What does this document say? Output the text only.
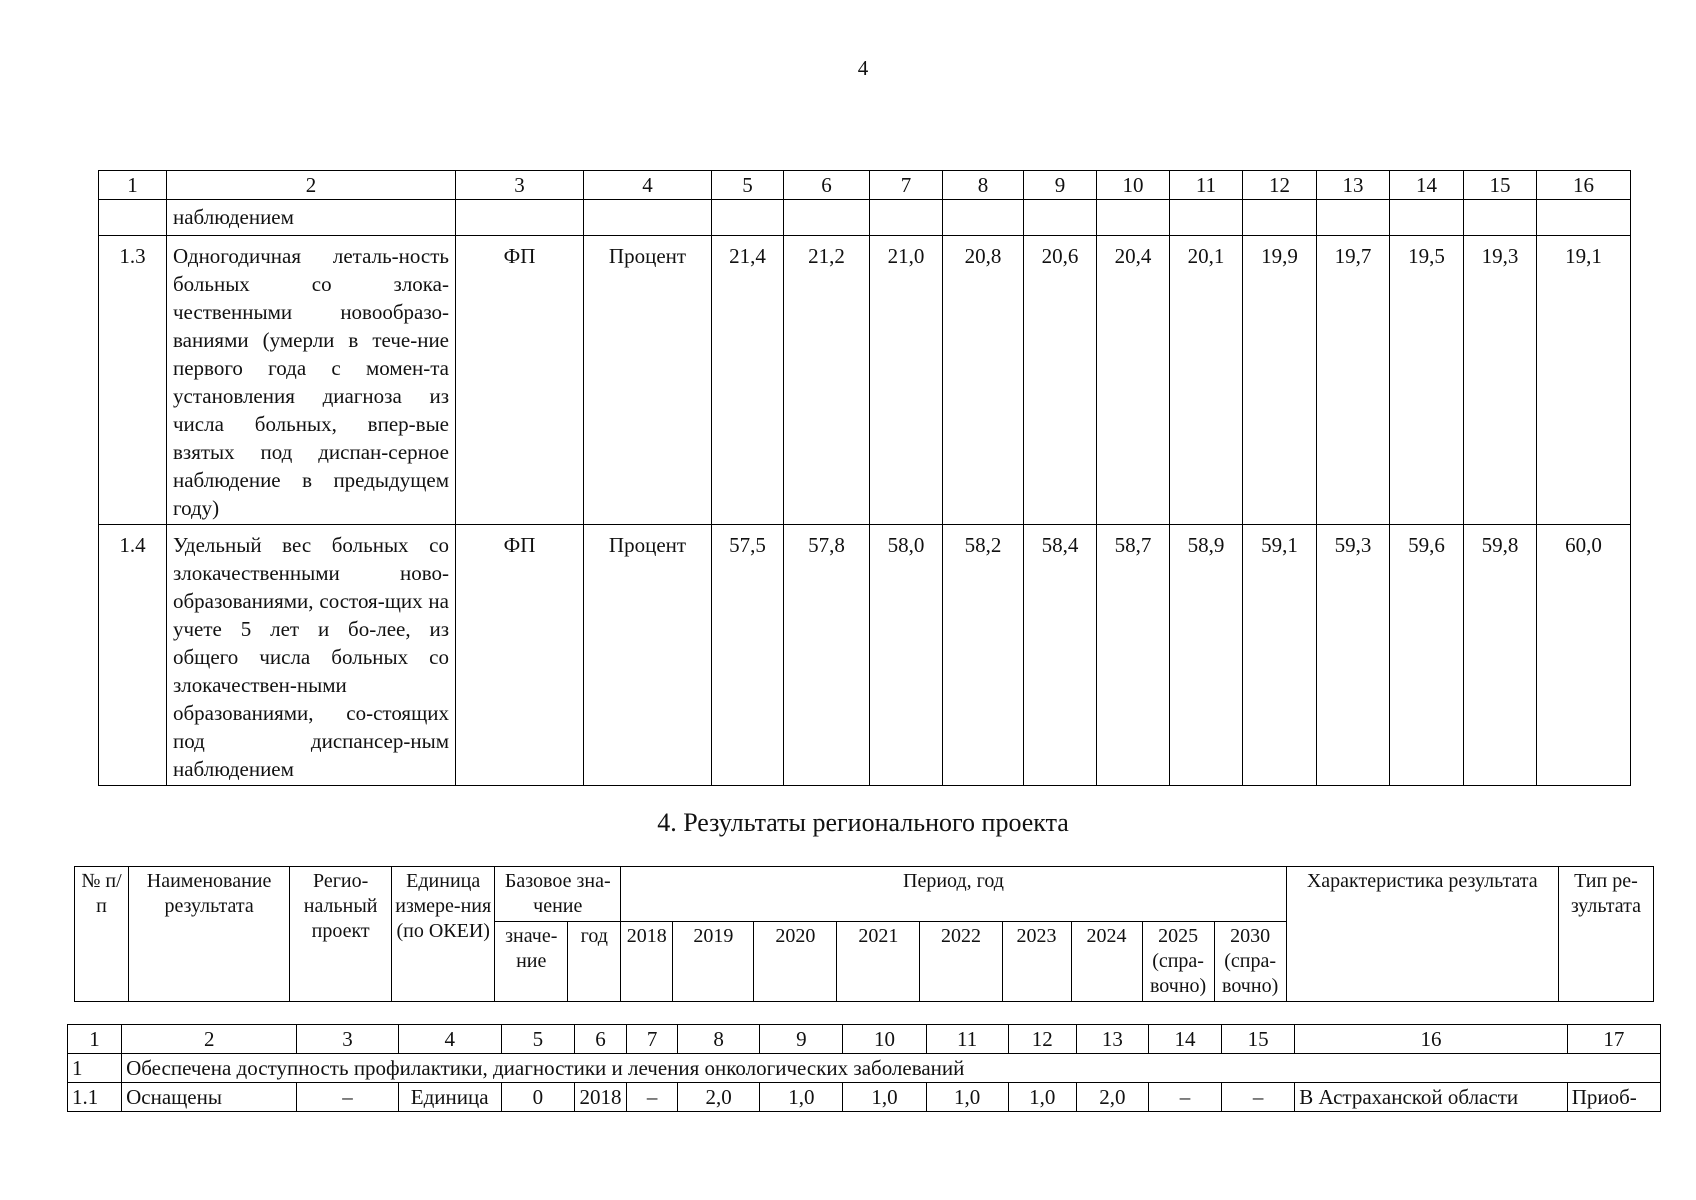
4
1	2	3	4	5	6	7	8	9	10	11	12	13	14	15	16
	наблюдением														
1.3	Одногодичная леталь-ность больных со злока-чественными новообразо-ваниями (умерли в тече-ние первого года с момен-та установления диагноза из числа больных, впер-вые взятых под диспан-серное наблюдение в предыдущем году)	ФП	Процент	21,4	21,2	21,0	20,8	20,6	20,4	20,1	19,9	19,7	19,5	19,3	19,1
1.4	Удельный вес больных со злокачественными ново-образованиями, состоя-щих на учете 5 лет и бо-лее, из общего числа больных со злокачествен-ными образованиями, со-стоящих под диспансер-ным наблюдением	ФП	Процент	57,5	57,8	58,0	58,2	58,4	58,7	58,9	59,1	59,3	59,6	59,8	60,0
4. Результаты регионального проекта
№ п/п	Наименование результата	Регио-нальный проект	Единица измере-ния (по ОКЕИ)	Базовое зна-чение		Период, год									Характеристика результата	Тип ре-зультата
				значе-ние	год	2018	2019	2020	2021	2022	2023	2024	2025 (спра-вочно)	2030 (спра-вочно)		
1	2	3	4	5	6	7	8	9	10	11	12	13	14	15	16	17
1	Обеспечена доступность профилактики, диагностики и лечения онкологических заболеваний															
1.1	Оснащены	–	Единица	0	2018	–	2,0	1,0	1,0	1,0	1,0	2,0	–	–	В Астраханской области	Приоб-
